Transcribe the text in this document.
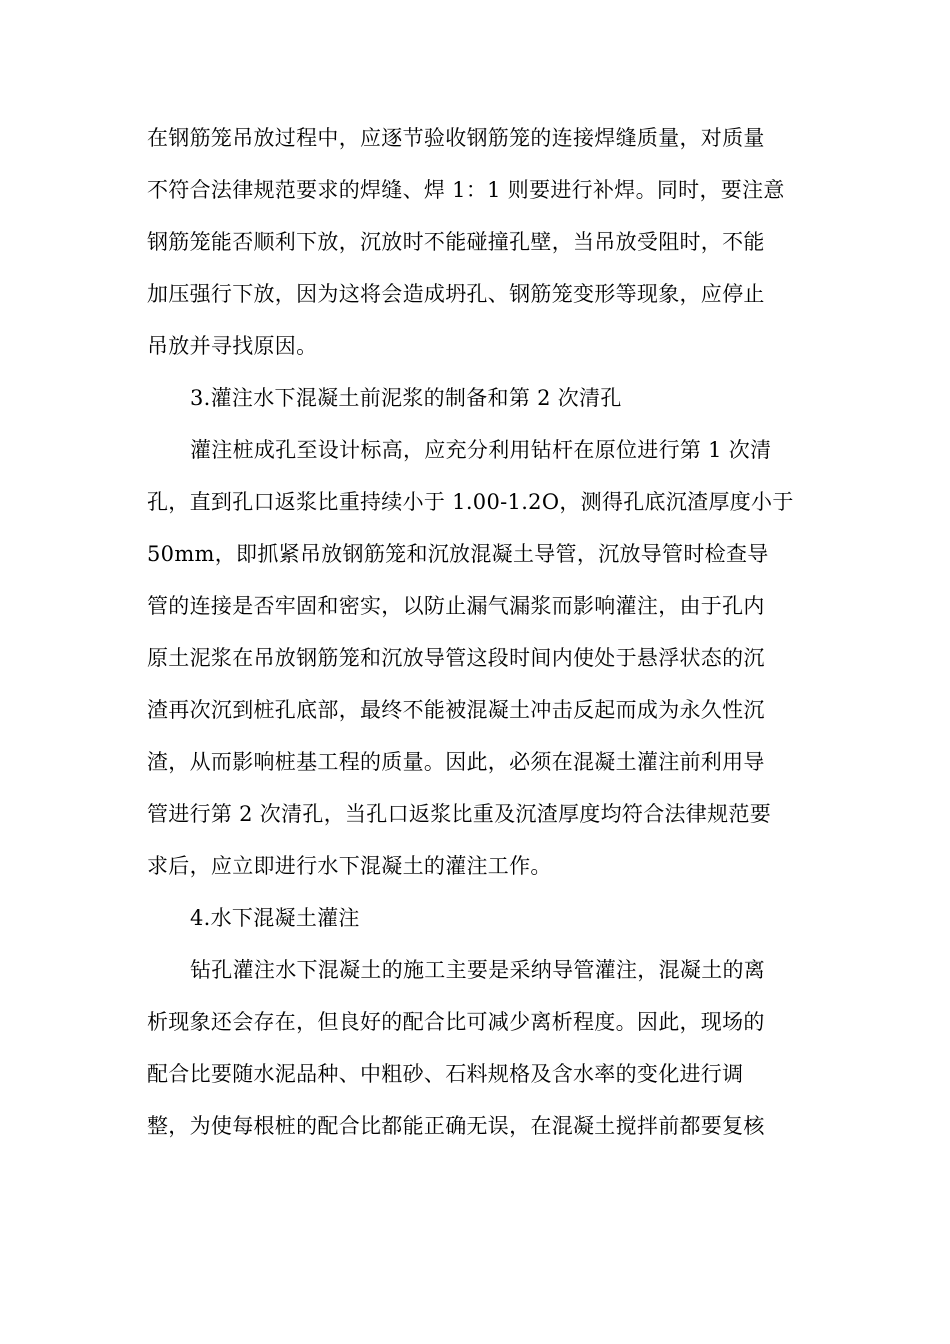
在钢筋笼吊放过程中，应逐节验收钢筋笼的连接焊缝质量，对质量
不符合法律规范要求的焊缝、焊 1：1 则要进行补焊。同时，要注意
钢筋笼能否顺利下放，沉放时不能碰撞孔壁，当吊放受阻时，不能
加压强行下放，因为这将会造成坍孔、钢筋笼变形等现象，应停止
吊放并寻找原因。
3.灌注水下混凝土前泥浆的制备和第 2 次清孔
灌注桩成孔至设计标高，应充分利用钻杆在原位进行第 1 次清
孔，直到孔口返浆比重持续小于 1.00-1.2O，测得孔底沉渣厚度小于
50mm，即抓紧吊放钢筋笼和沉放混凝土导管，沉放导管时检查导
管的连接是否牢固和密实，以防止漏气漏浆而影响灌注，由于孔内
原土泥浆在吊放钢筋笼和沉放导管这段时间内使处于悬浮状态的沉
渣再次沉到桩孔底部，最终不能被混凝土冲击反起而成为永久性沉
渣，从而影响桩基工程的质量。因此，必须在混凝土灌注前利用导
管进行第 2 次清孔，当孔口返浆比重及沉渣厚度均符合法律规范要
求后，应立即进行水下混凝土的灌注工作。
4.水下混凝土灌注
钻孔灌注水下混凝土的施工主要是采纳导管灌注，混凝土的离
析现象还会存在，但良好的配合比可减少离析程度。因此，现场的
配合比要随水泥品种、中粗砂、石料规格及含水率的变化进行调
整，为使每根桩的配合比都能正确无误，在混凝土搅拌前都要复核
